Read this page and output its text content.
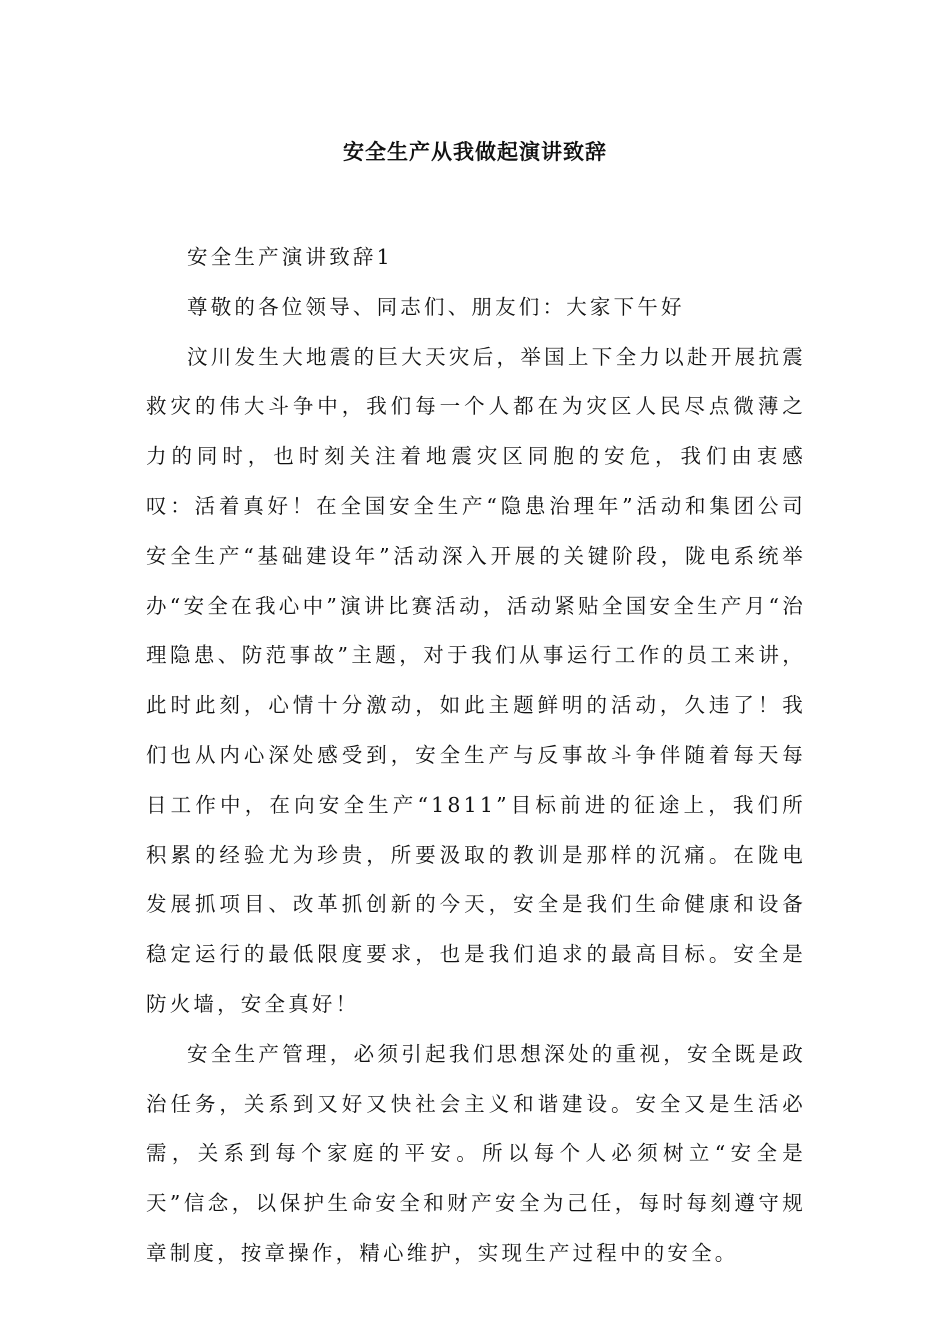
安全生产从我做起演讲致辞

安全生产演讲致辞1

尊敬的各位领导、同志们、朋友们：大家下午好

汶川发生大地震的巨大天灾后，举国上下全力以赴开展抗震救灾的伟大斗争中，我们每一个人都在为灾区人民尽点微薄之力的同时，也时刻关注着地震灾区同胞的安危，我们由衷感叹：活着真好！在全国安全生产“隐患治理年”活动和集团公司安全生产“基础建设年”活动深入开展的关键阶段，陇电系统举办“安全在我心中”演讲比赛活动，活动紧贴全国安全生产月“治理隐患、防范事故”主题，对于我们从事运行工作的员工来讲，此时此刻，心情十分激动，如此主题鲜明的活动，久违了！我们也从内心深处感受到，安全生产与反事故斗争伴随着每天每日工作中，在向安全生产“1811”目标前进的征途上，我们所积累的经验尤为珍贵，所要汲取的教训是那样的沉痛。在陇电发展抓项目、改革抓创新的今天，安全是我们生命健康和设备稳定运行的最低限度要求，也是我们追求的最高目标。安全是防火墙，安全真好！

安全生产管理，必须引起我们思想深处的重视，安全既是政治任务，关系到又好又快社会主义和谐建设。安全又是生活必需，关系到每个家庭的平安。所以每个人必须树立“安全是天”信念，以保护生命安全和财产安全为己任，每时每刻遵守规章制度，按章操作，精心维护，实现生产过程中的安全。
